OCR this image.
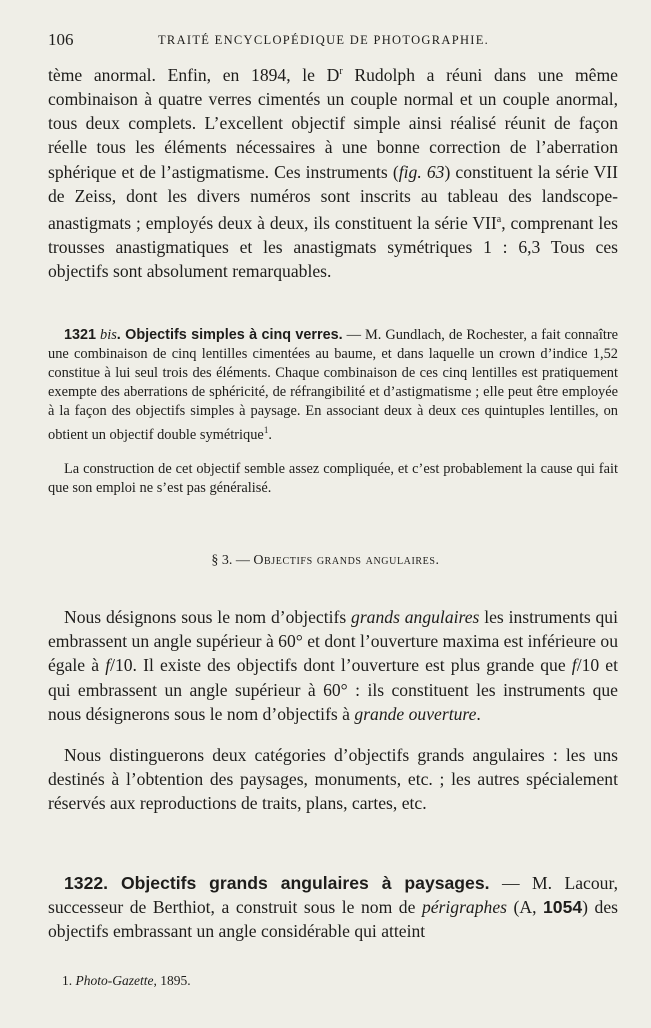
106	TRAITÉ ENCYCLOPÉDIQUE DE PHOTOGRAPHIE.

tème anormal. Enfin, en 1894, le $D^r$ Rudolph a réuni dans une même combinaison à quatre verres cimentés un couple normal et un couple anormal, tous deux complets. L’excellent objectif simple ainsi réalisé réunit de façon réelle tous les éléments nécessaires à une bonne correction de l’aberration sphérique et de l’astigmatisme. Ces instruments (fig. 63) constituent la série VII de Zeiss, dont les divers numéros sont inscrits au tableau des landscope-anastigmats ; employés deux à deux, ils constituent la série VII$^a$, comprenant les trousses anastigmatiques et les anastigmats symétriques 1 : 6,3 Tous ces objectifs sont absolument remarquables.

1321 bis. Objectifs simples à cinq verres. — M. Gundlach, de Rochester, a fait connaître une combinaison de cinq lentilles cimentées au baume, et dans laquelle un crown d’indice 1,52 constitue à lui seul trois des éléments. Chaque combinaison de ces cinq lentilles est pratiquement exempte des aberrations de sphéricité, de réfrangibilité et d’astigmatisme ; elle peut être employée à la façon des objectifs simples à paysage. En associant deux à deux ces quintuples lentilles, on obtient un objectif double symétrique$^1$.

La construction de cet objectif semble assez compliquée, et c’est probablement la cause qui fait que son emploi ne s’est pas généralisé.

§ 3. — Objectifs grands angulaires.

Nous désignons sous le nom d’objectifs grands angulaires les instruments qui embrassent un angle supérieur à 60° et dont l’ouverture maxima est inférieure ou égale à f/10. Il existe des objectifs dont l’ouverture est plus grande que f/10 et qui embrassent un angle supérieur à 60° : ils constituent les instruments que nous désignerons sous le nom d’objectifs à grande ouverture.

Nous distinguerons deux catégories d’objectifs grands angulaires : les uns destinés à l’obtention des paysages, monuments, etc. ; les autres spécialement réservés aux reproductions de traits, plans, cartes, etc.

1322. Objectifs grands angulaires à paysages. — M. Lacour, successeur de Berthiot, a construit sous le nom de périgraphes (A, 1054) des objectifs embrassant un angle considérable qui atteint

1. Photo-Gazette, 1895.
